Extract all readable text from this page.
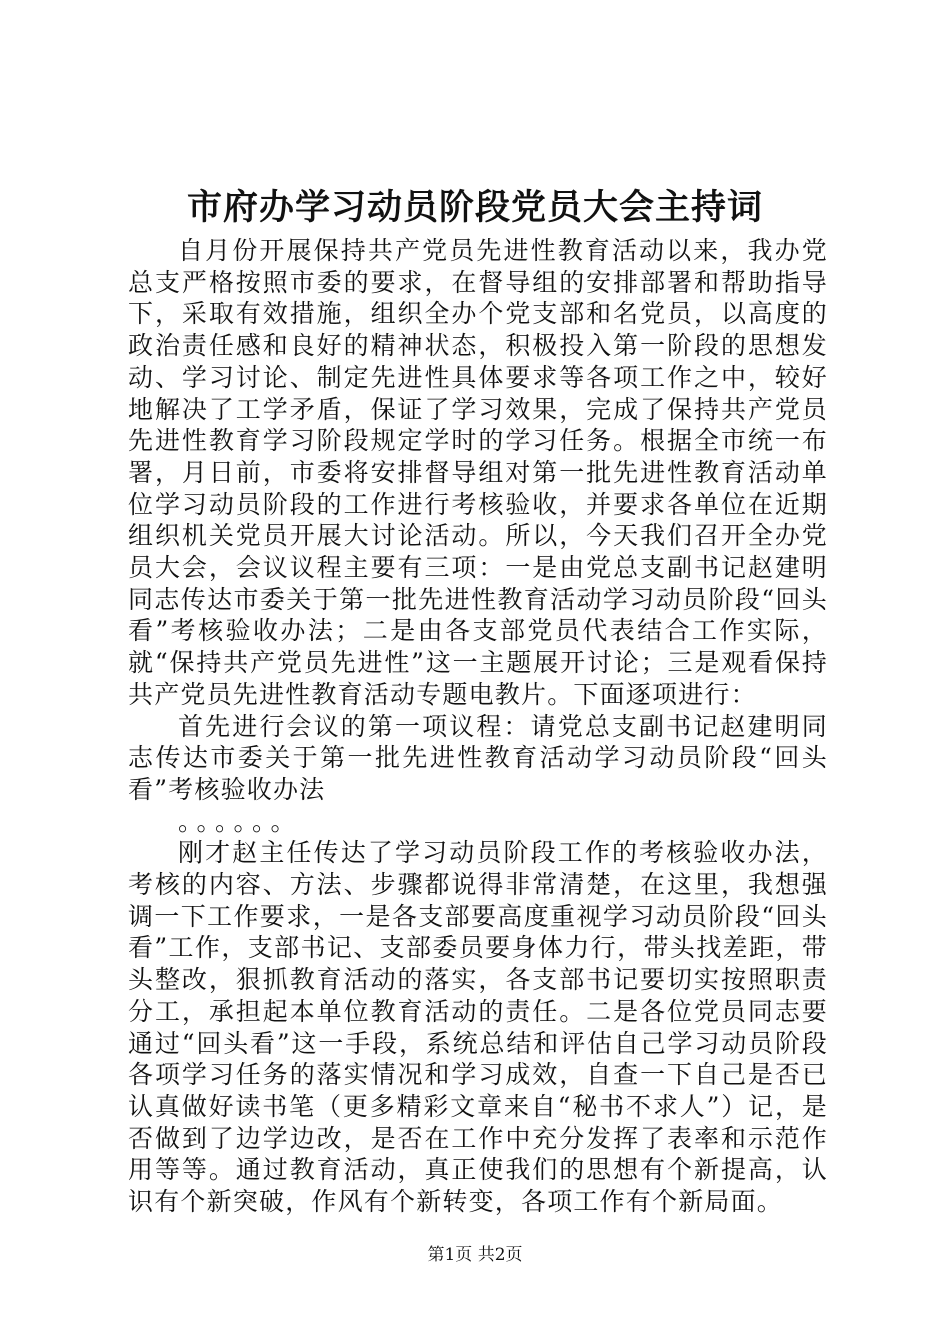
市府办学习动员阶段党员大会主持词

自月份开展保持共产党员先进性教育活动以来，我办党总支严格按照市委的要求，在督导组的安排部署和帮助指导下，采取有效措施，组织全办个党支部和名党员，以高度的政治责任感和良好的精神状态，积极投入第一阶段的思想发动、学习讨论、制定先进性具体要求等各项工作之中，较好地解决了工学矛盾，保证了学习效果，完成了保持共产党员先进性教育学习阶段规定学时的学习任务。根据全市统一布署，月日前，市委将安排督导组对第一批先进性教育活动单位学习动员阶段的工作进行考核验收，并要求各单位在近期组织机关党员开展大讨论活动。所以，今天我们召开全办党员大会，会议议程主要有三项：一是由党总支副书记赵建明同志传达市委关于第一批先进性教育活动学习动员阶段“回头看”考核验收办法；二是由各支部党员代表结合工作实际，就“保持共产党员先进性”这一主题展开讨论；三是观看保持共产党员先进性教育活动专题电教片。下面逐项进行：

首先进行会议的第一项议程：请党总支副书记赵建明同志传达市委关于第一批先进性教育活动学习动员阶段“回头看”考核验收办法

。。。。。。

刚才赵主任传达了学习动员阶段工作的考核验收办法，考核的内容、方法、步骤都说得非常清楚，在这里，我想强调一下工作要求，一是各支部要高度重视学习动员阶段“回头看”工作，支部书记、支部委员要身体力行，带头找差距，带头整改，狠抓教育活动的落实，各支部书记要切实按照职责分工，承担起本单位教育活动的责任。二是各位党员同志要通过“回头看”这一手段，系统总结和评估自己学习动员阶段各项学习任务的落实情况和学习成效，自查一下自己是否已认真做好读书笔（更多精彩文章来自“秘书不求人”）记，是否做到了边学边改，是否在工作中充分发挥了表率和示范作用等等。通过教育活动，真正使我们的思想有个新提高，认识有个新突破，作风有个新转变，各项工作有个新局面。

第1页 共2页
